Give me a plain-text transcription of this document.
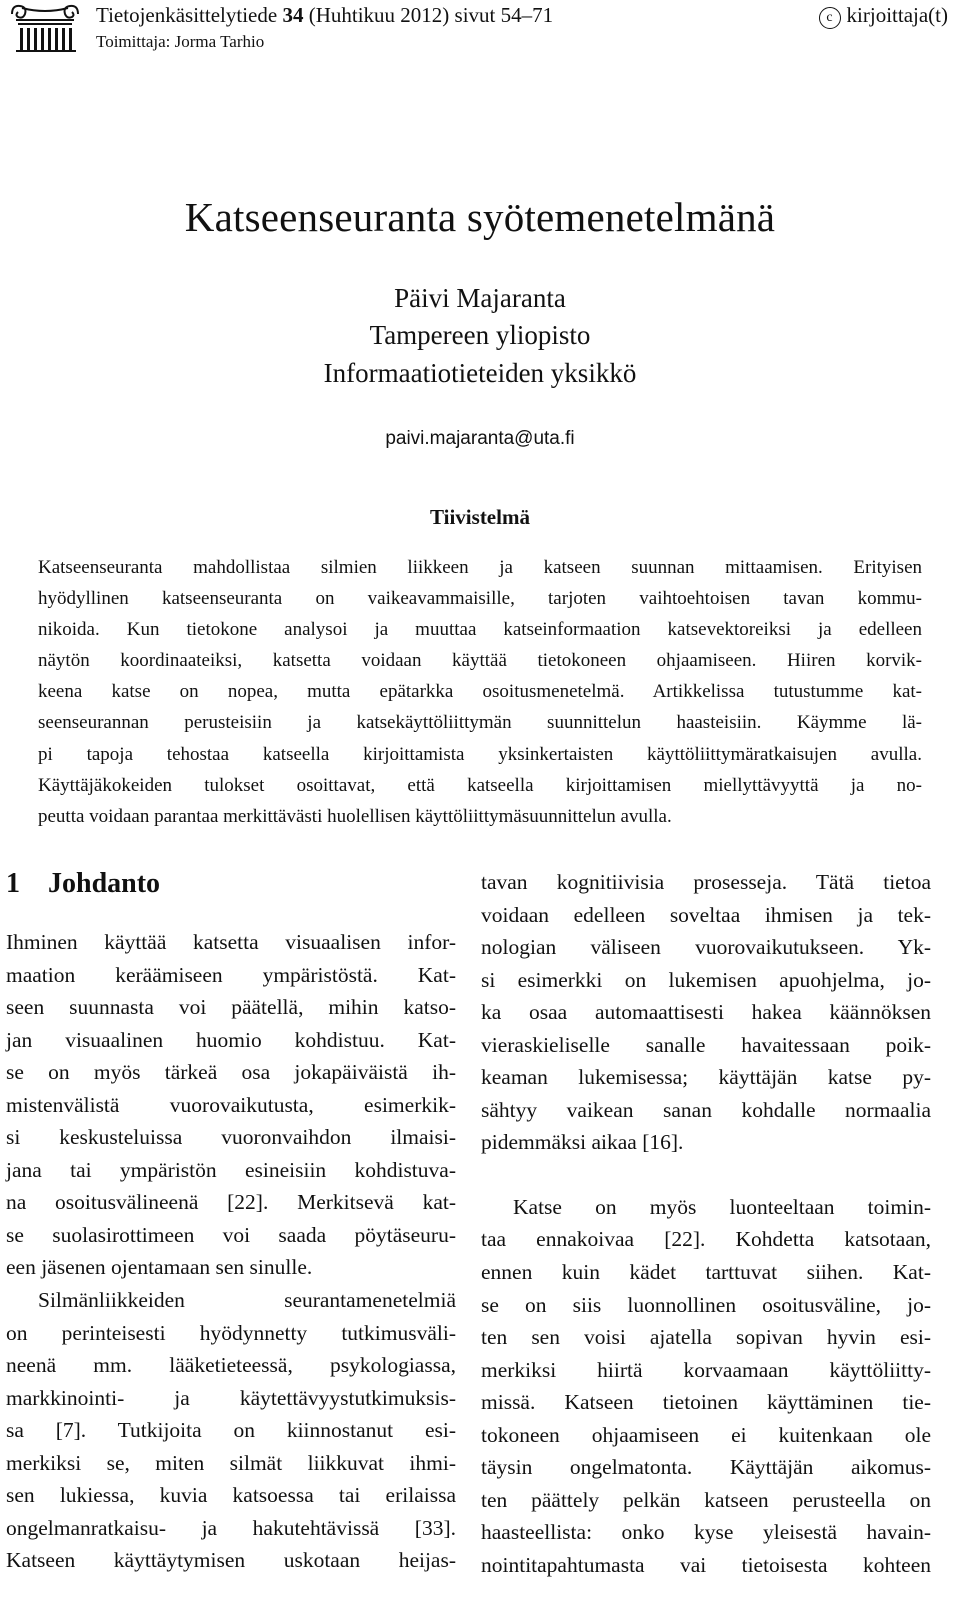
Tietojenkäsittelytiede 34 (Huhtikuu 2012) sivut 54–71	c kirjoittaja(t)
Toimittaja: Jorma Tarhio
Katseenseuranta syötemenetelmänä
Päivi Majaranta
Tampereen yliopisto
Informaatiotieteiden yksikkö
paivi.majaranta@uta.fi
Tiivistelmä
Katseenseuranta mahdollistaa silmien liikkeen ja katseen suunnan mittaamisen. Erityisen
hyödyllinen katseenseuranta on vaikeavammaisille, tarjoten vaihtoehtoisen tavan kommu-
nikoida. Kun tietokone analysoi ja muuttaa katseinformaation katsevektoreiksi ja edelleen
näytön koordinaateiksi, katsetta voidaan käyttää tietokoneen ohjaamiseen. Hiiren korvik-
keena katse on nopea, mutta epätarkka osoitusmenetelmä. Artikkelissa tutustumme kat-
seenseurannan perusteisiin ja katsekäyttöliittymän suunnittelun haasteisiin. Käymme lä-
pi tapoja tehostaa katseella kirjoittamista yksinkertaisten käyttöliittymäratkaisujen avulla.
Käyttäjäkokeiden tulokset osoittavat, että katseella kirjoittamisen miellyttävyyttä ja no-
peutta voidaan parantaa merkittävästi huolellisen käyttöliittymäsuunnittelun avulla.
1 Johdanto
Ihminen käyttää katsetta visuaalisen infor-
maation keräämiseen ympäristöstä. Kat-
seen suunnasta voi päätellä, mihin katso-
jan visuaalinen huomio kohdistuu. Kat-
se on myös tärkeä osa jokapäiväistä ih-
mistenvälistä vuorovaikutusta, esimerkik-
si keskusteluissa vuoronvaihdon ilmaisi-
jana tai ympäristön esineisiin kohdistuva-
na osoitusvälineenä [22]. Merkitsevä kat-
se suolasirottimeen voi saada pöytäseuru-
een jäsenen ojentamaan sen sinulle.
Silmänliikkeiden seurantamenetelmiä
on perinteisesti hyödynnetty tutkimusväli-
neenä mm. lääketieteessä, psykologiassa,
markkinointi- ja käytettävyystutkimuksis-
sa [7]. Tutkijoita on kiinnostanut esi-
merkiksi se, miten silmät liikkuvat ihmi-
sen lukiessa, kuvia katsoessa tai erilaissa
ongelmanratkaisu- ja hakutehtävissä [33].
Katseen käyttäytymisen uskotaan heijas-
tavan kognitiivisia prosesseja. Tätä tietoa
voidaan edelleen soveltaa ihmisen ja tek-
nologian väliseen vuorovaikutukseen. Yk-
si esimerkki on lukemisen apuohjelma, jo-
ka osaa automaattisesti hakea käännöksen
vieraskieliselle sanalle havaitessaan poik-
keaman lukemisessa; käyttäjän katse py-
sähtyy vaikean sanan kohdalle normaalia
pidemmäksi aikaa [16].
Katse on myös luonteeltaan toimin-
taa ennakoivaa [22]. Kohdetta katsotaan,
ennen kuin kädet tarttuvat siihen. Kat-
se on siis luonnollinen osoitusväline, jo-
ten sen voisi ajatella sopivan hyvin esi-
merkiksi hiirtä korvaamaan käyttöliitty-
missä. Katseen tietoinen käyttäminen tie-
tokoneen ohjaamiseen ei kuitenkaan ole
täysin ongelmatonta. Käyttäjän aikomus-
ten päättely pelkän katseen perusteella on
haasteellista: onko kyse yleisestä havain-
nointitapahtumasta vai tietoisesta kohteen
